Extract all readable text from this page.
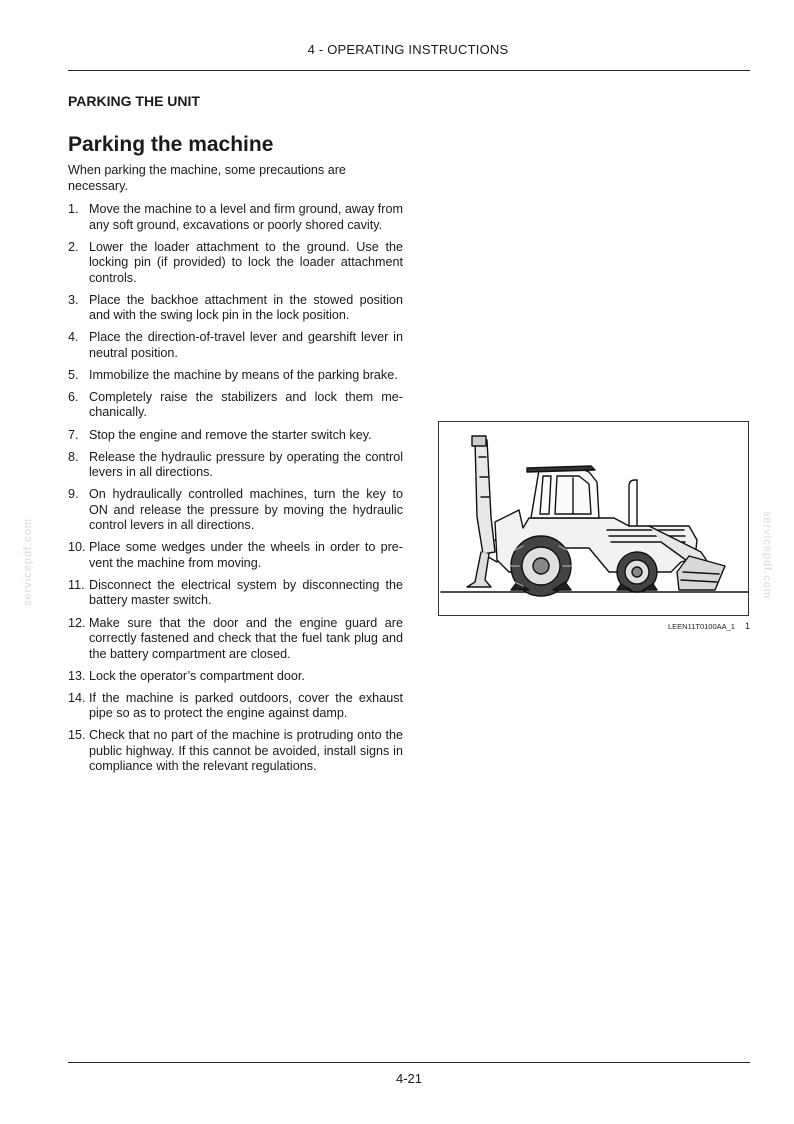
4 - OPERATING INSTRUCTIONS
PARKING THE UNIT
Parking the machine
When parking the machine, some precautions are necessary.
1. Move the machine to a level and firm ground, away from any soft ground, excavations or poorly shored cavity.
2. Lower the loader attachment to the ground. Use the locking pin (if provided) to lock the loader attachment controls.
3. Place the backhoe attachment in the stowed position and with the swing lock pin in the lock position.
4. Place the direction-of-travel lever and gearshift lever in neutral position.
5. Immobilize the machine by means of the parking brake.
6. Completely raise the stabilizers and lock them mechanically.
7. Stop the engine and remove the starter switch key.
8. Release the hydraulic pressure by operating the control levers in all directions.
9. On hydraulically controlled machines, turn the key to ON and release the pressure by moving the hydraulic control levers in all directions.
10. Place some wedges under the wheels in order to prevent the machine from moving.
11. Disconnect the electrical system by disconnecting the battery master switch.
12. Make sure that the door and the engine guard are correctly fastened and check that the fuel tank plug and the battery compartment are closed.
13. Lock the operator’s compartment door.
14. If the machine is parked outdoors, cover the exhaust pipe so as to protect the engine against damp.
15. Check that no part of the machine is protruding onto the public highway. If this cannot be avoided, install signs in compliance with the relevant regulations.
LEEN11T0100AA_1 1
servicepdf.com	servicepdf.com
4-21
